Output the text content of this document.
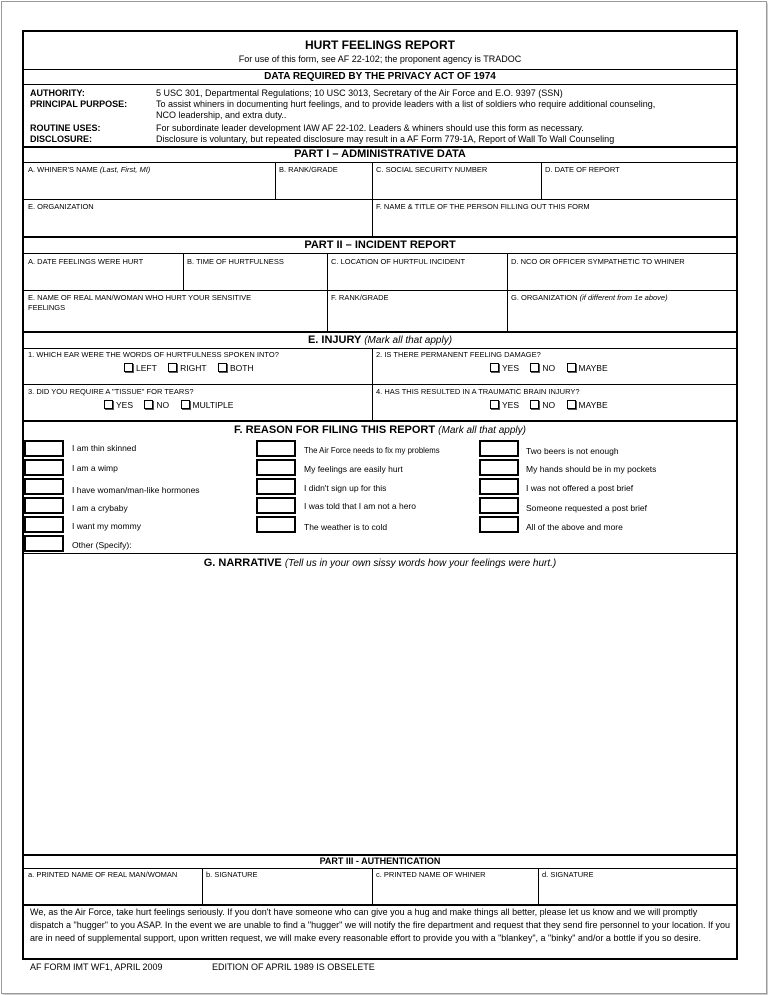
HURT FEELINGS REPORT
For use of this form, see AF 22-102; the proponent agency is TRADOC
DATA REQUIRED BY THE PRIVACY ACT OF 1974
AUTHORITY:	5 USC 301, Departmental Regulations; 10 USC 3013, Secretary of the Air Force and E.O. 9397 (SSN)
PRINCIPAL PURPOSE:	To assist whiners in documenting hurt feelings, and to provide leaders with a list of soldiers who require additional counseling,
NCO leadership, and extra duty..
ROUTINE USES:	For subordinate leader development IAW AF 22-102. Leaders & whiners should use this form as necessary.
DISCLOSURE:	Disclosure is voluntary, but repeated disclosure may result in a AF Form 779-1A, Report of Wall To Wall Counseling
PART I – ADMINISTRATIVE DATA
A. WHINER'S NAME (Last, First, MI)	B. RANK/GRADE	C. SOCIAL SECURITY NUMBER	D. DATE OF REPORT
E. ORGANIZATION	F. NAME & TITLE OF THE PERSON FILLING OUT THIS FORM
PART II – INCIDENT REPORT
A. DATE FEELINGS WERE HURT	B. TIME OF HURTFULNESS	C. LOCATION OF HURTFUL INCIDENT	D. NCO OR OFFICER SYMPATHETIC TO WHINER
E. NAME OF REAL MAN/WOMAN WHO HURT YOUR SENSITIVE
FEELINGS
F. RANK/GRADE	G. ORGANIZATION (if different from 1e above)
E. INJURY (Mark all that apply)
1. WHICH EAR WERE THE WORDS OF HURTFULNESS SPOKEN INTO?
LEFT	RIGHT	BOTH
2. IS THERE PERMANENT FEELING DAMAGE?
YES	NO	MAYBE
3. DID YOU REQUIRE A "TISSUE" FOR TEARS?
YES	NO	MULTIPLE
4. HAS THIS RESULTED IN A TRAUMATIC BRAIN INJURY?
YES	NO	MAYBE
F. REASON FOR FILING THIS REPORT (Mark all that apply)
I am thin skinned
I am a wimp
I have woman/man-like hormones
I am a crybaby
I want my mommy
Other (Specify):
The Air Force needs to fix my problems
My feelings are easily hurt
I didn't sign up for this
I was told that I am not a hero
The weather is to cold
Two beers is not enough
My hands should be in my pockets
I was not offered a post brief
Someone requested a post brief
All of the above and more
G. NARRATIVE (Tell us in your own sissy words how your feelings were hurt.)
PART III - AUTHENTICATION
a. PRINTED NAME OF REAL MAN/WOMAN	b. SIGNATURE	c. PRINTED NAME OF WHINER	d. SIGNATURE
We, as the Air Force, take hurt feelings seriously. If you don't have someone who can give you a hug and make things all better, please let us know and we will promptly dispatch a "hugger" to you ASAP. In the event we are unable to find a "hugger" we will notify the fire department and request that they send fire personnel to your location. If you are in need of supplemental support, upon written request, we will make every reasonable effort to provide you with a "blankey", a "binky" and/or a bottle if you so desire.
AF FORM IMT WF1, APRIL 2009	EDITION OF APRIL 1989 IS OBSELETE
